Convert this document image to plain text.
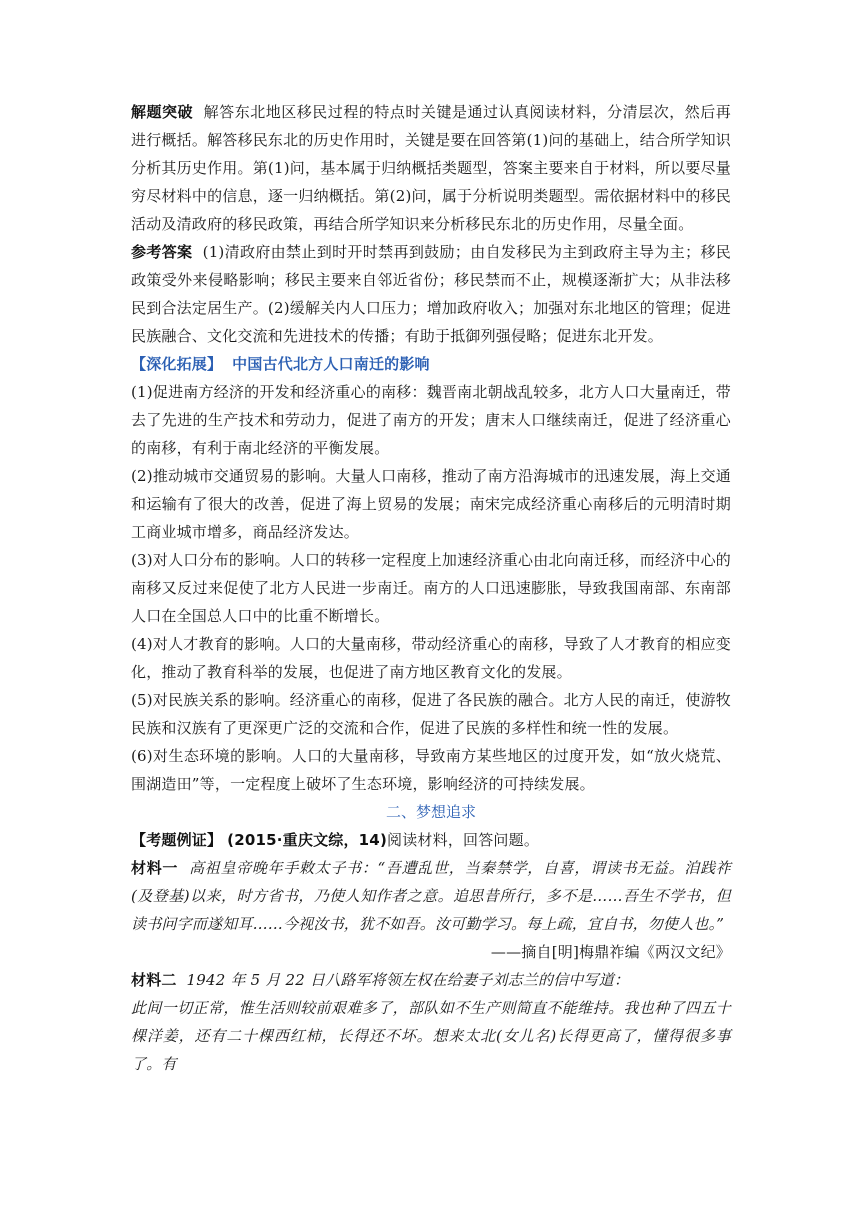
解题突破 解答东北地区移民过程的特点时关键是通过认真阅读材料，分清层次，然后再进行概括。解答移民东北的历史作用时，关键是要在回答第(1)问的基础上，结合所学知识分析其历史作用。第(1)问，基本属于归纳概括类题型，答案主要来自于材料，所以要尽量穷尽材料中的信息，逐一归纳概括。第(2)问，属于分析说明类题型。需依据材料中的移民活动及清政府的移民政策，再结合所学知识来分析移民东北的历史作用，尽量全面。

参考答案 (1)清政府由禁止到时开时禁再到鼓励；由自发移民为主到政府主导为主；移民政策受外来侵略影响；移民主要来自邻近省份；移民禁而不止，规模逐渐扩大；从非法移民到合法定居生产。(2)缓解关内人口压力；增加政府收入；加强对东北地区的管理；促进民族融合、文化交流和先进技术的传播；有助于抵御列强侵略；促进东北开发。

【深化拓展】 中国古代北方人口南迁的影响

(1)促进南方经济的开发和经济重心的南移：魏晋南北朝战乱较多，北方人口大量南迁，带去了先进的生产技术和劳动力，促进了南方的开发；唐末人口继续南迁，促进了经济重心的南移，有利于南北经济的平衡发展。

(2)推动城市交通贸易的影响。大量人口南移，推动了南方沿海城市的迅速发展，海上交通和运输有了很大的改善，促进了海上贸易的发展；南宋完成经济重心南移后的元明清时期工商业城市增多，商品经济发达。

(3)对人口分布的影响。人口的转移一定程度上加速经济重心由北向南迁移，而经济中心的南移又反过来促使了北方人民进一步南迁。南方的人口迅速膨胀，导致我国南部、东南部人口在全国总人口中的比重不断增长。

(4)对人才教育的影响。人口的大量南移，带动经济重心的南移，导致了人才教育的相应变化，推动了教育科举的发展，也促进了南方地区教育文化的发展。

(5)对民族关系的影响。经济重心的南移，促进了各民族的融合。北方人民的南迁，使游牧民族和汉族有了更深更广泛的交流和合作，促进了民族的多样性和统一性的发展。

(6)对生态环境的影响。人口的大量南移，导致南方某些地区的过度开发，如“放火烧荒、围湖造田”等，一定程度上破坏了生态环境，影响经济的可持续发展。

二、梦想追求

【考题例证】 (2015·重庆文综，14)阅读材料，回答问题。

材料一 高祖皇帝晚年手敕太子书：“吾遭乱世，当秦禁学，自喜，谓读书无益。洎践祚(及登基)以来，时方省书，乃使人知作者之意。追思昔所行，多不是……吾生不学书，但读书问字而遂知耳……今视汝书，犹不如吾。汝可勤学习。每上疏，宜自书，勿使人也。”

——摘自[明]梅鼎祚编《两汉文纪》

材料二 1942 年 5 月 22 日八路军将领左权在给妻子刘志兰的信中写道：

此间一切正常，惟生活则较前艰难多了，部队如不生产则简直不能维持。我也种了四五十棵洋姜，还有二十棵西红柿，长得还不坏。想来太北(女儿名)长得更高了，懂得很多事了。有
